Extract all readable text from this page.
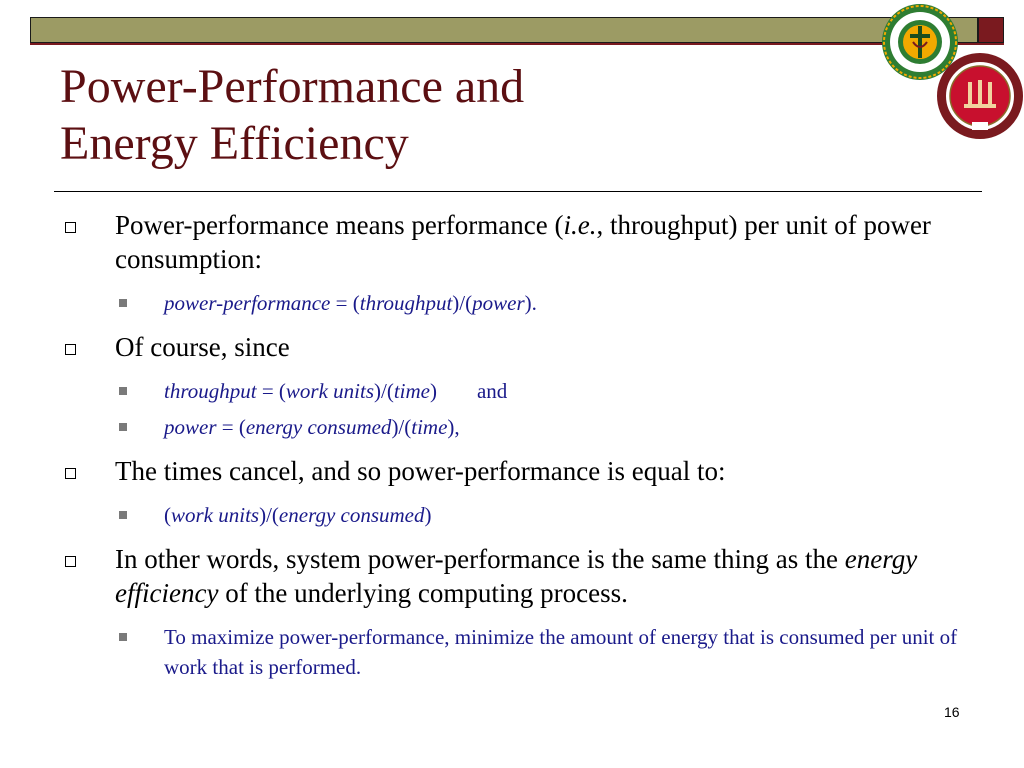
Power-Performance and
Energy Efficiency
Power-performance means performance (i.e., throughput) per unit of power consumption:
power-performance = (throughput)/(power).
Of course, since
throughput = (work units)/(time) and
power = (energy consumed)/(time),
The times cancel, and so power-performance is equal to:
(work units)/(energy consumed)
In other words, system power-performance is the same thing as the energy efficiency of the underlying computing process.
To maximize power-performance, minimize the amount of energy that is consumed per unit of work that is performed.
16
